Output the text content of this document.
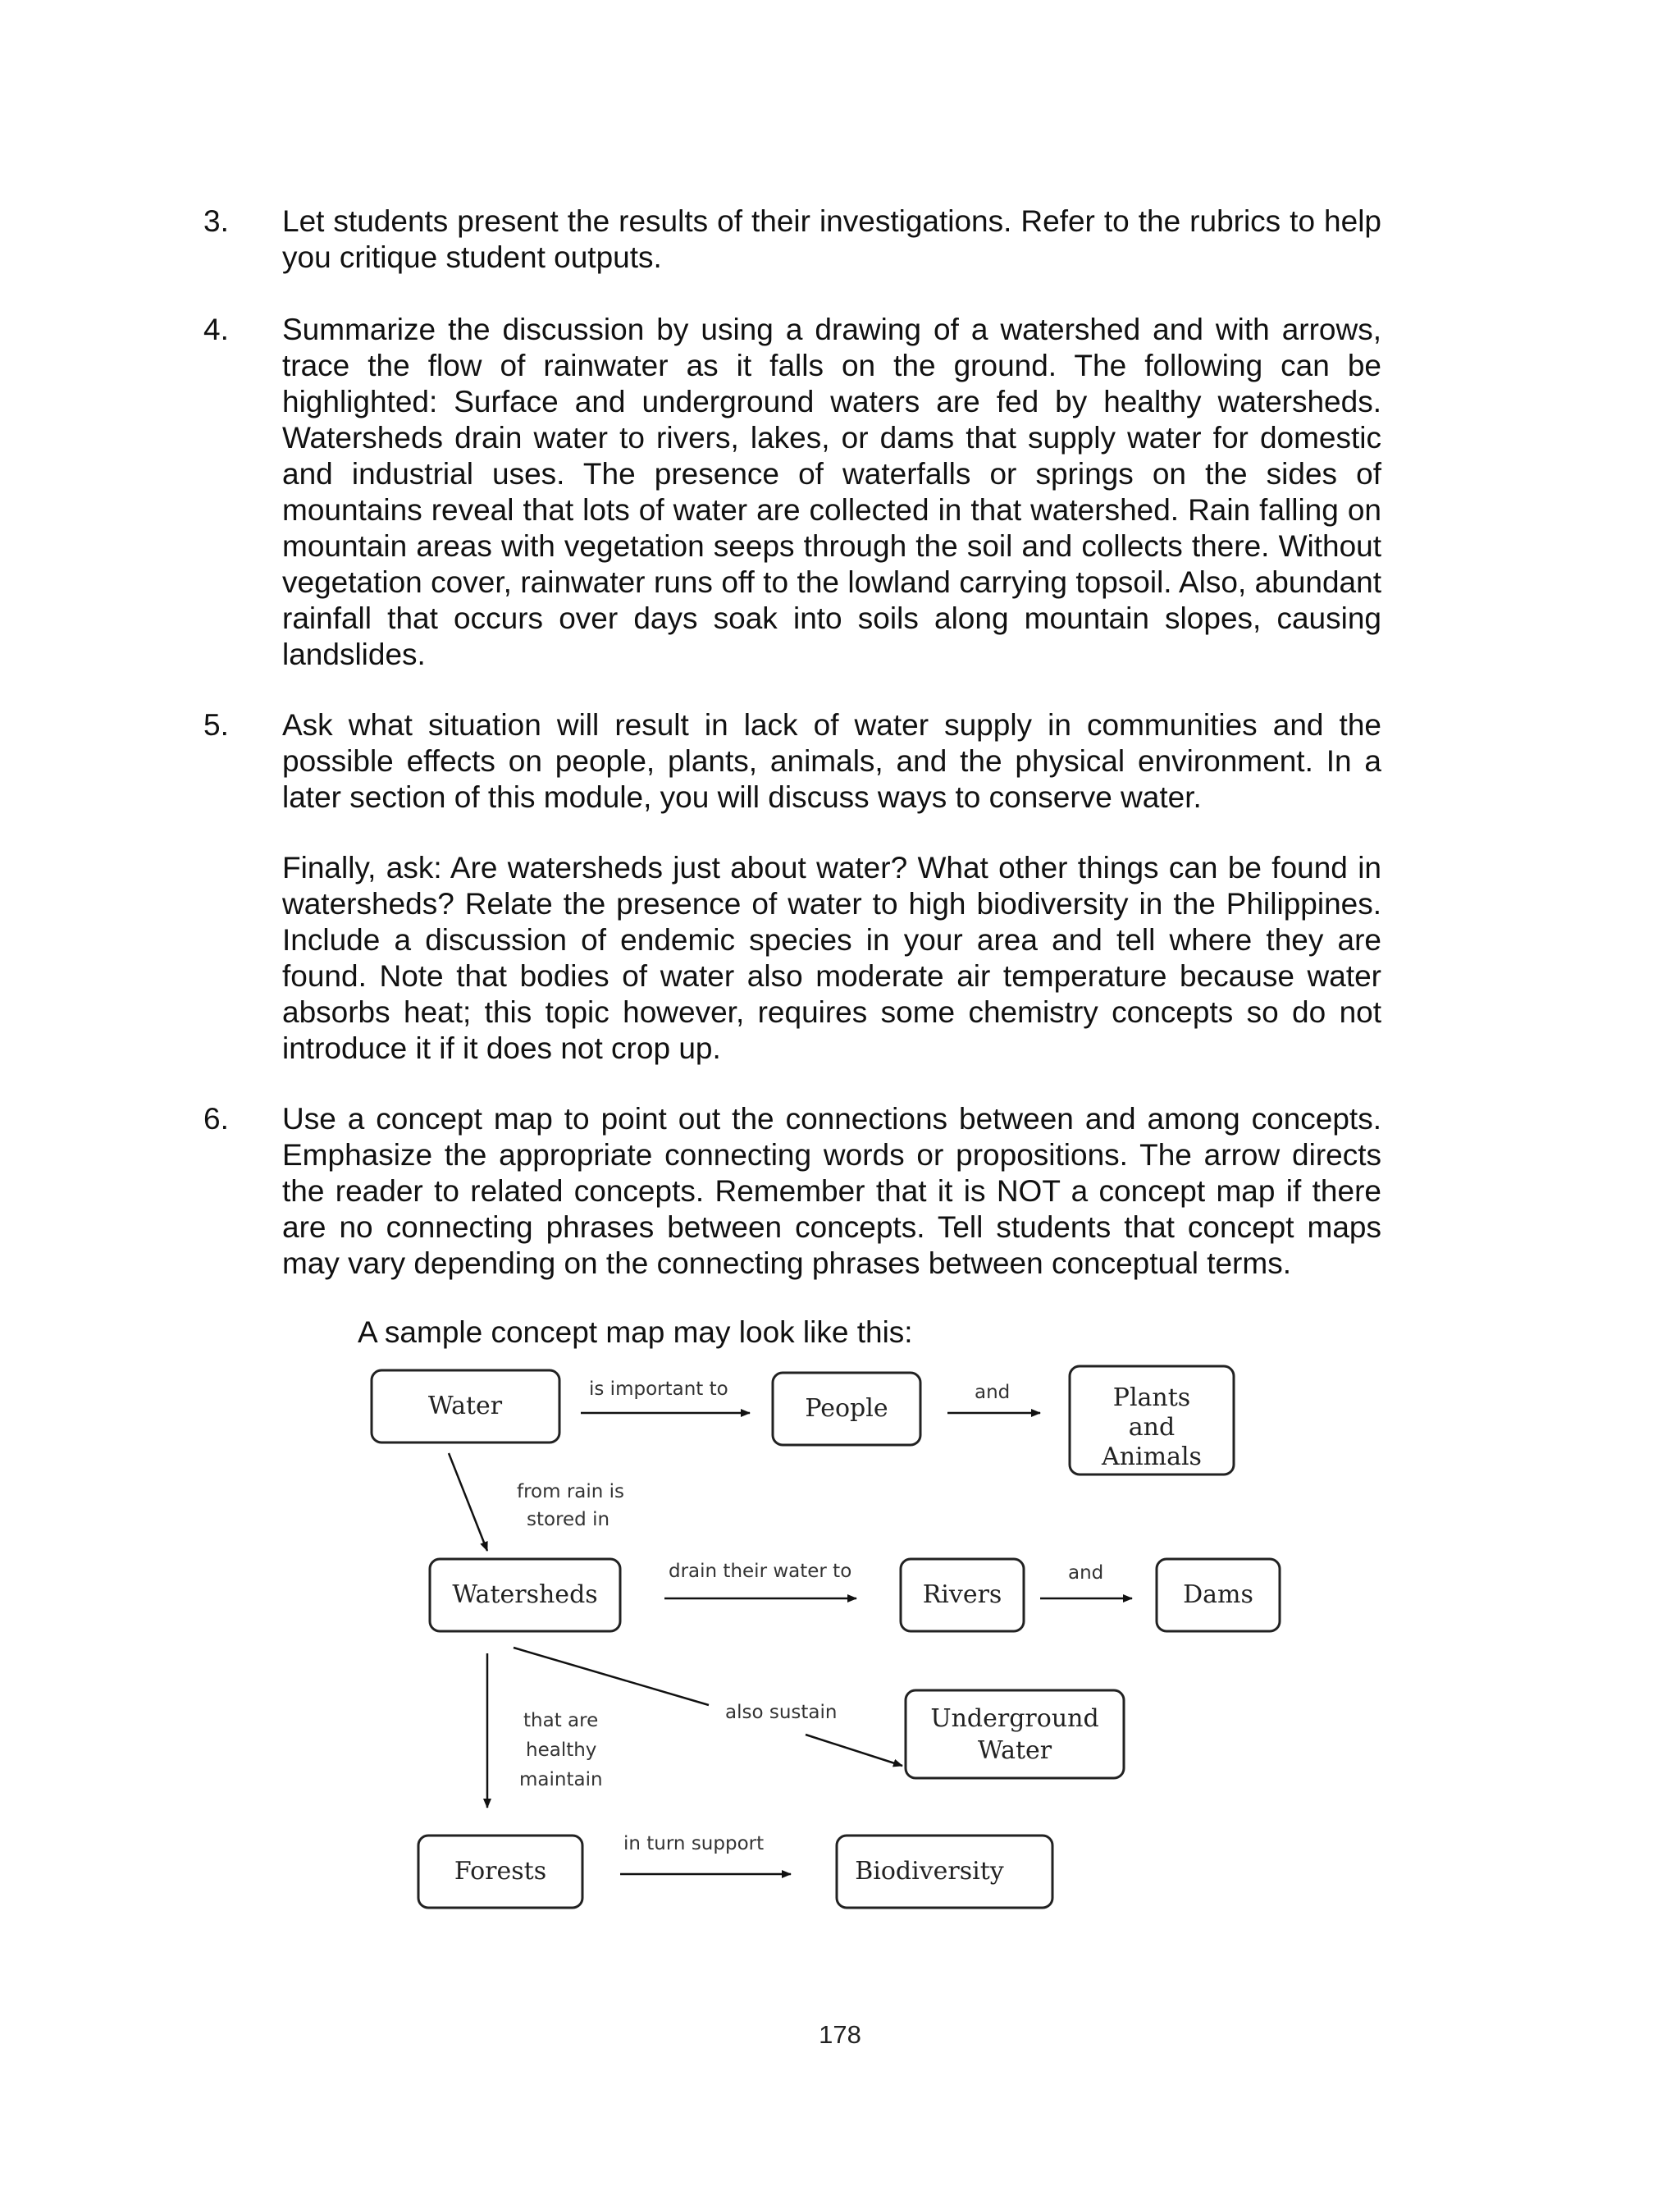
3. Let students present the results of their investigations. Refer to the rubrics to help you critique student outputs.

4. Summarize the discussion by using a drawing of a watershed and with arrows, trace the flow of rainwater as it falls on the ground. The following can be highlighted: Surface and underground waters are fed by healthy watersheds. Watersheds drain water to rivers, lakes, or dams that supply water for domestic and industrial uses. The presence of waterfalls or springs on the sides of mountains reveal that lots of water are collected in that watershed. Rain falling on mountain areas with vegetation seeps through the soil and collects there. Without vegetation cover, rainwater runs off to the lowland carrying topsoil. Also, abundant rainfall that occurs over days soak into soils along mountain slopes, causing landslides.

5. Ask what situation will result in lack of water supply in communities and the possible effects on people, plants, animals, and the physical environment. In a later section of this module, you will discuss ways to conserve water.

Finally, ask: Are watersheds just about water? What other things can be found in watersheds? Relate the presence of water to high biodiversity in the Philippines. Include a discussion of endemic species in your area and tell where they are found. Note that bodies of water also moderate air temperature because water absorbs heat; this topic however, requires some chemistry concepts so do not introduce it if it does not crop up.

6. Use a concept map to point out the connections between and among concepts. Emphasize the appropriate connecting words or propositions. The arrow directs the reader to related concepts. Remember that it is NOT a concept map if there are no connecting phrases between concepts. Tell students that concept maps may vary depending on the connecting phrases between conceptual terms.

A sample concept map may look like this:
Water	People	Plants
and
Animals
Watersheds	Rivers	Dams
Underground
Water
Forests	Biodiversity
is important to	and
from rain is
stored in
drain their water to	and
also sustain
that are
healthy
maintain
in turn support
178
